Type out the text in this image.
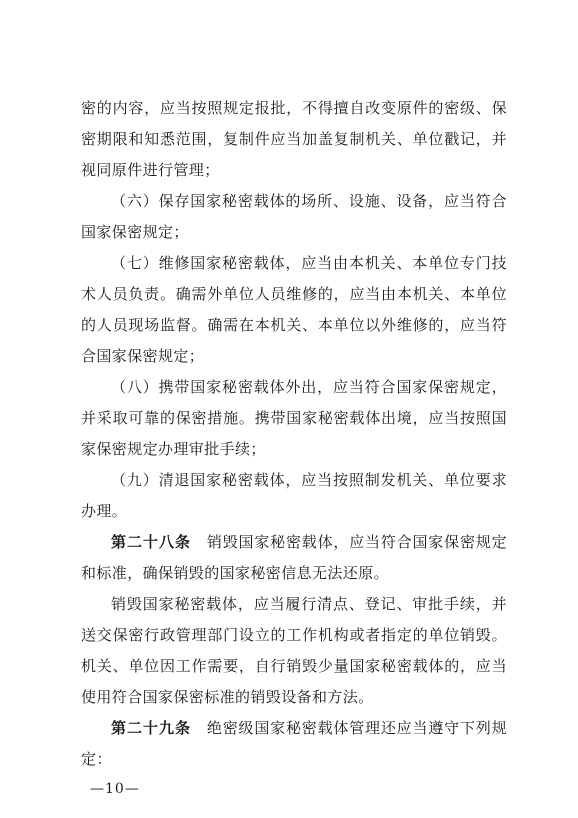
密的内容，应当按照规定报批，不得擅自改变原件的密级、保密期限和知悉范围，复制件应当加盖复制机关、单位戳记，并视同原件进行管理；

（六）保存国家秘密载体的场所、设施、设备，应当符合国家保密规定；

（七）维修国家秘密载体，应当由本机关、本单位专门技术人员负责。确需外单位人员维修的，应当由本机关、本单位的人员现场监督。确需在本机关、本单位以外维修的，应当符合国家保密规定；

（八）携带国家秘密载体外出，应当符合国家保密规定，并采取可靠的保密措施。携带国家秘密载体出境，应当按照国家保密规定办理审批手续；

（九）清退国家秘密载体，应当按照制发机关、单位要求办理。

第二十八条　销毁国家秘密载体，应当符合国家保密规定和标准，确保销毁的国家秘密信息无法还原。

销毁国家秘密载体，应当履行清点、登记、审批手续，并送交保密行政管理部门设立的工作机构或者指定的单位销毁。机关、单位因工作需要，自行销毁少量国家秘密载体的，应当使用符合国家保密标准的销毁设备和方法。

第二十九条　绝密级国家秘密载体管理还应当遵守下列规定：

—10—
